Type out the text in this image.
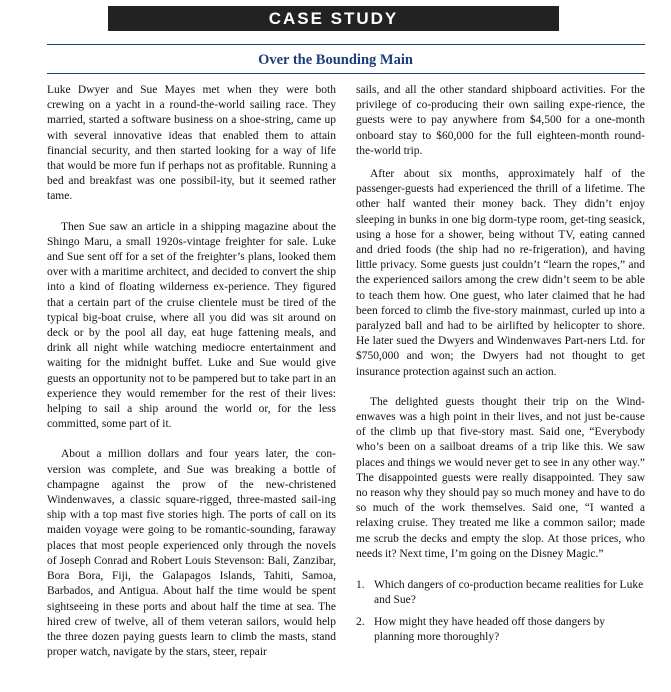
CASE STUDY
Over the Bounding Main

Luke Dwyer and Sue Mayes met when they were both crewing on a yacht in a round-the-world sailing race. They married, started a software business on a shoe-string, came up with several innovative ideas that enabled them to attain financial security, and then started looking for a way of life that would be more fun if perhaps not as profitable. Running a bed and breakfast was one possibil-ity, but it seemed rather tame.

Then Sue saw an article in a shipping magazine about the Shingo Maru, a small 1920s-vintage freighter for sale. Luke and Sue sent off for a set of the freighter’s plans, looked them over with a maritime architect, and decided to convert the ship into a kind of floating wilderness ex-perience. They figured that a certain part of the cruise clientele must be tired of the typical big-boat cruise, where all you did was sit around on deck or by the pool all day, eat huge fattening meals, and drink all night while watching mediocre entertainment and waiting for the midnight buffet. Luke and Sue would give guests an opportunity not to be pampered but to take part in an experience they would remember for the rest of their lives: helping to sail a ship around the world or, for the less committed, some part of it.

About a million dollars and four years later, the con-version was complete, and Sue was breaking a bottle of champagne against the prow of the new-christened Windenwaves, a classic square-rigged, three-masted sail-ing ship with a top mast five stories high. The ports of call on its maiden voyage were going to be romantic-sounding, faraway places that most people experienced only through the novels of Joseph Conrad and Robert Louis Stevenson: Bali, Zanzibar, Bora Bora, Fiji, the Galapagos Islands, Tahiti, Samoa, Barbados, and Antigua. About half the time would be spent sightseeing in these ports and about half the time at sea. The hired crew of twelve, all of them veteran sailors, would help the three dozen paying guests learn to climb the masts, stand proper watch, navigate by the stars, steer, repair

sails, and all the other standard shipboard activities. For the privilege of co-producing their own sailing expe-rience, the guests were to pay anywhere from $4,500 for a one-month onboard stay to $60,000 for the full eighteen-month round-the-world trip.

After about six months, approximately half of the passenger-guests had experienced the thrill of a lifetime. The other half wanted their money back. They didn’t enjoy sleeping in bunks in one big dorm-type room, get-ting seasick, using a hose for a shower, being without TV, eating canned and dried foods (the ship had no re-frigeration), and having little privacy. Some guests just couldn’t “learn the ropes,” and the experienced sailors among the crew didn’t seem to be able to teach them how. One guest, who later claimed that he had been forced to climb the five-story mainmast, curled up into a paralyzed ball and had to be airlifted by helicopter to shore. He later sued the Dwyers and Windenwaves Part-ners Ltd. for $750,000 and won; the Dwyers had not thought to get insurance protection against such an action.

The delighted guests thought their trip on the Wind-enwaves was a high point in their lives, and not just be-cause of the climb up that five-story mast. Said one, “Everybody who’s been on a sailboat dreams of a trip like this. We saw places and things we would never get to see in any other way.” The disappointed guests were really disappointed. They saw no reason why they should pay so much money and have to do so much of the work themselves. Said one, “I wanted a relaxing cruise. They treated me like a common sailor; made me scrub the decks and empty the slop. At those prices, who needs it? Next time, I’m going on the Disney Magic.”

1. Which dangers of co-production became realities for Luke and Sue?
2. How might they have headed off those dangers by planning more thoroughly?
